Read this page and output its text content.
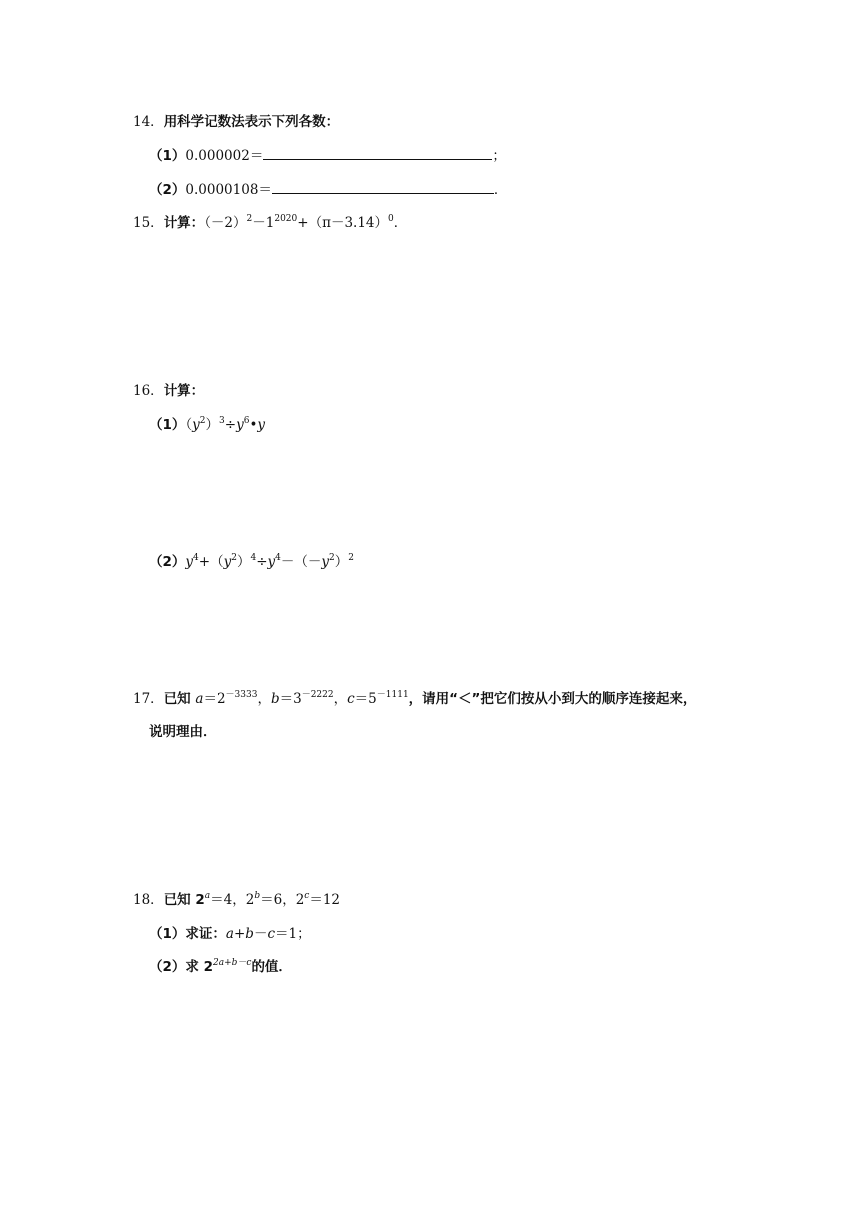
14．用科学记数法表示下列各数：
（1）0.000002＝	；
（2）0.0000108＝	．
15．计算：$(-2)^2-1^{2020}+(\pi-3.14)^0$．
16．计算：
$(1)(y^2)^3\div y^6•y$
$(2)y^4+(y^2)^4\div y^4-(-y^2)^2$
17．已知 $a=2^{-3333}$，$b=3^{-2222}$，$c=5^{-1111}$，请用“＜”把它们按从小到大的顺序连接起来，
说明理由．
18．已知 $2^a=4$，$2^b=6$，$2^c=12$
（1）求证：a+b－c＝1；
（2）求 $2^{2a+b-c}$的值．
